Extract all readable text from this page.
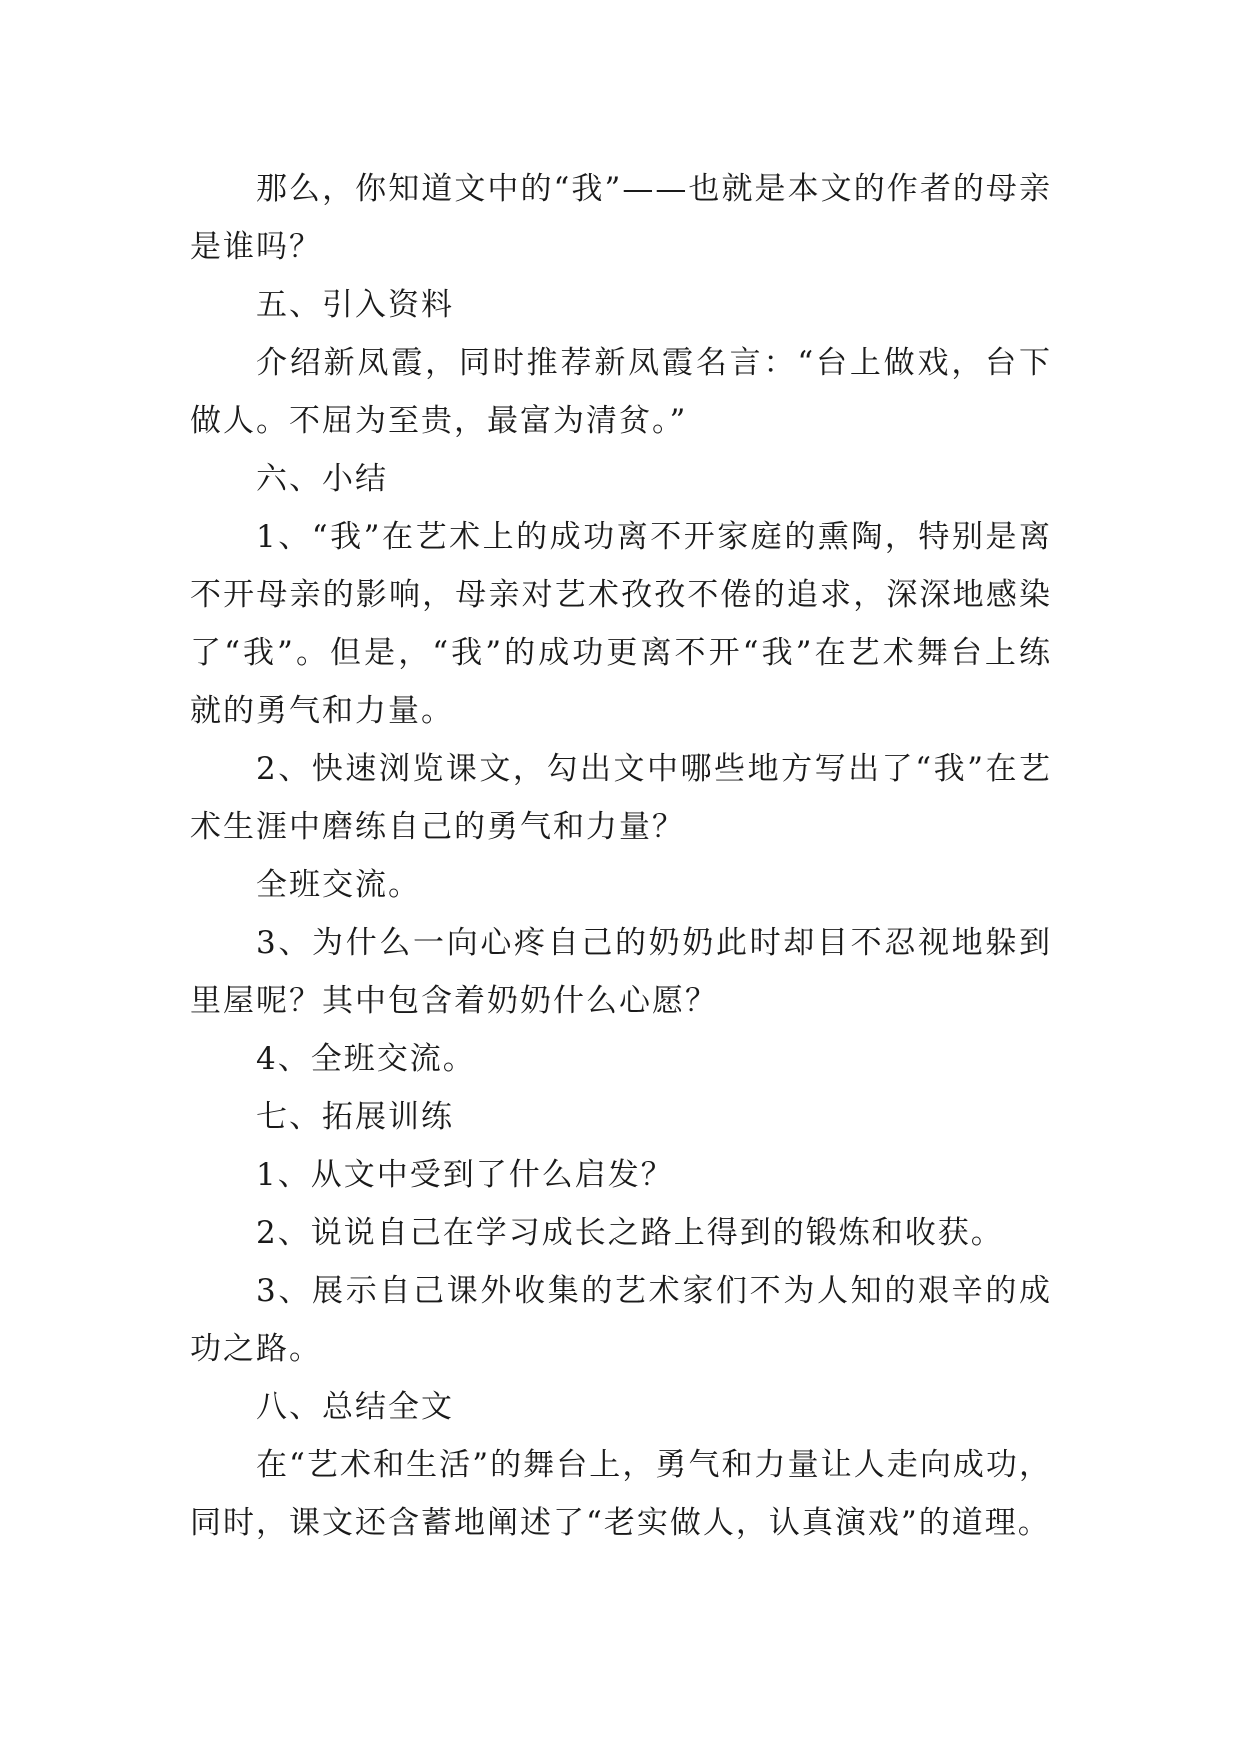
那么，你知道文中的“我”——也就是本文的作者的母亲是谁吗？

五、引入资料

介绍新凤霞，同时推荐新凤霞名言：“台上做戏，台下做人。不屈为至贵，最富为清贫。”

六、小结

1、“我”在艺术上的成功离不开家庭的熏陶，特别是离不开母亲的影响，母亲对艺术孜孜不倦的追求，深深地感染了“我”。但是，“我”的成功更离不开“我”在艺术舞台上练就的勇气和力量。

2、快速浏览课文，勾出文中哪些地方写出了“我”在艺术生涯中磨练自己的勇气和力量？

全班交流。

3、为什么一向心疼自己的奶奶此时却目不忍视地躲到里屋呢？其中包含着奶奶什么心愿？

4、全班交流。

七、拓展训练

1、从文中受到了什么启发？

2、说说自己在学习成长之路上得到的锻炼和收获。

3、展示自己课外收集的艺术家们不为人知的艰辛的成功之路。

八、总结全文

在“艺术和生活”的舞台上，勇气和力量让人走向成功，同时，课文还含蓄地阐述了“老实做人，认真演戏”的道理。
